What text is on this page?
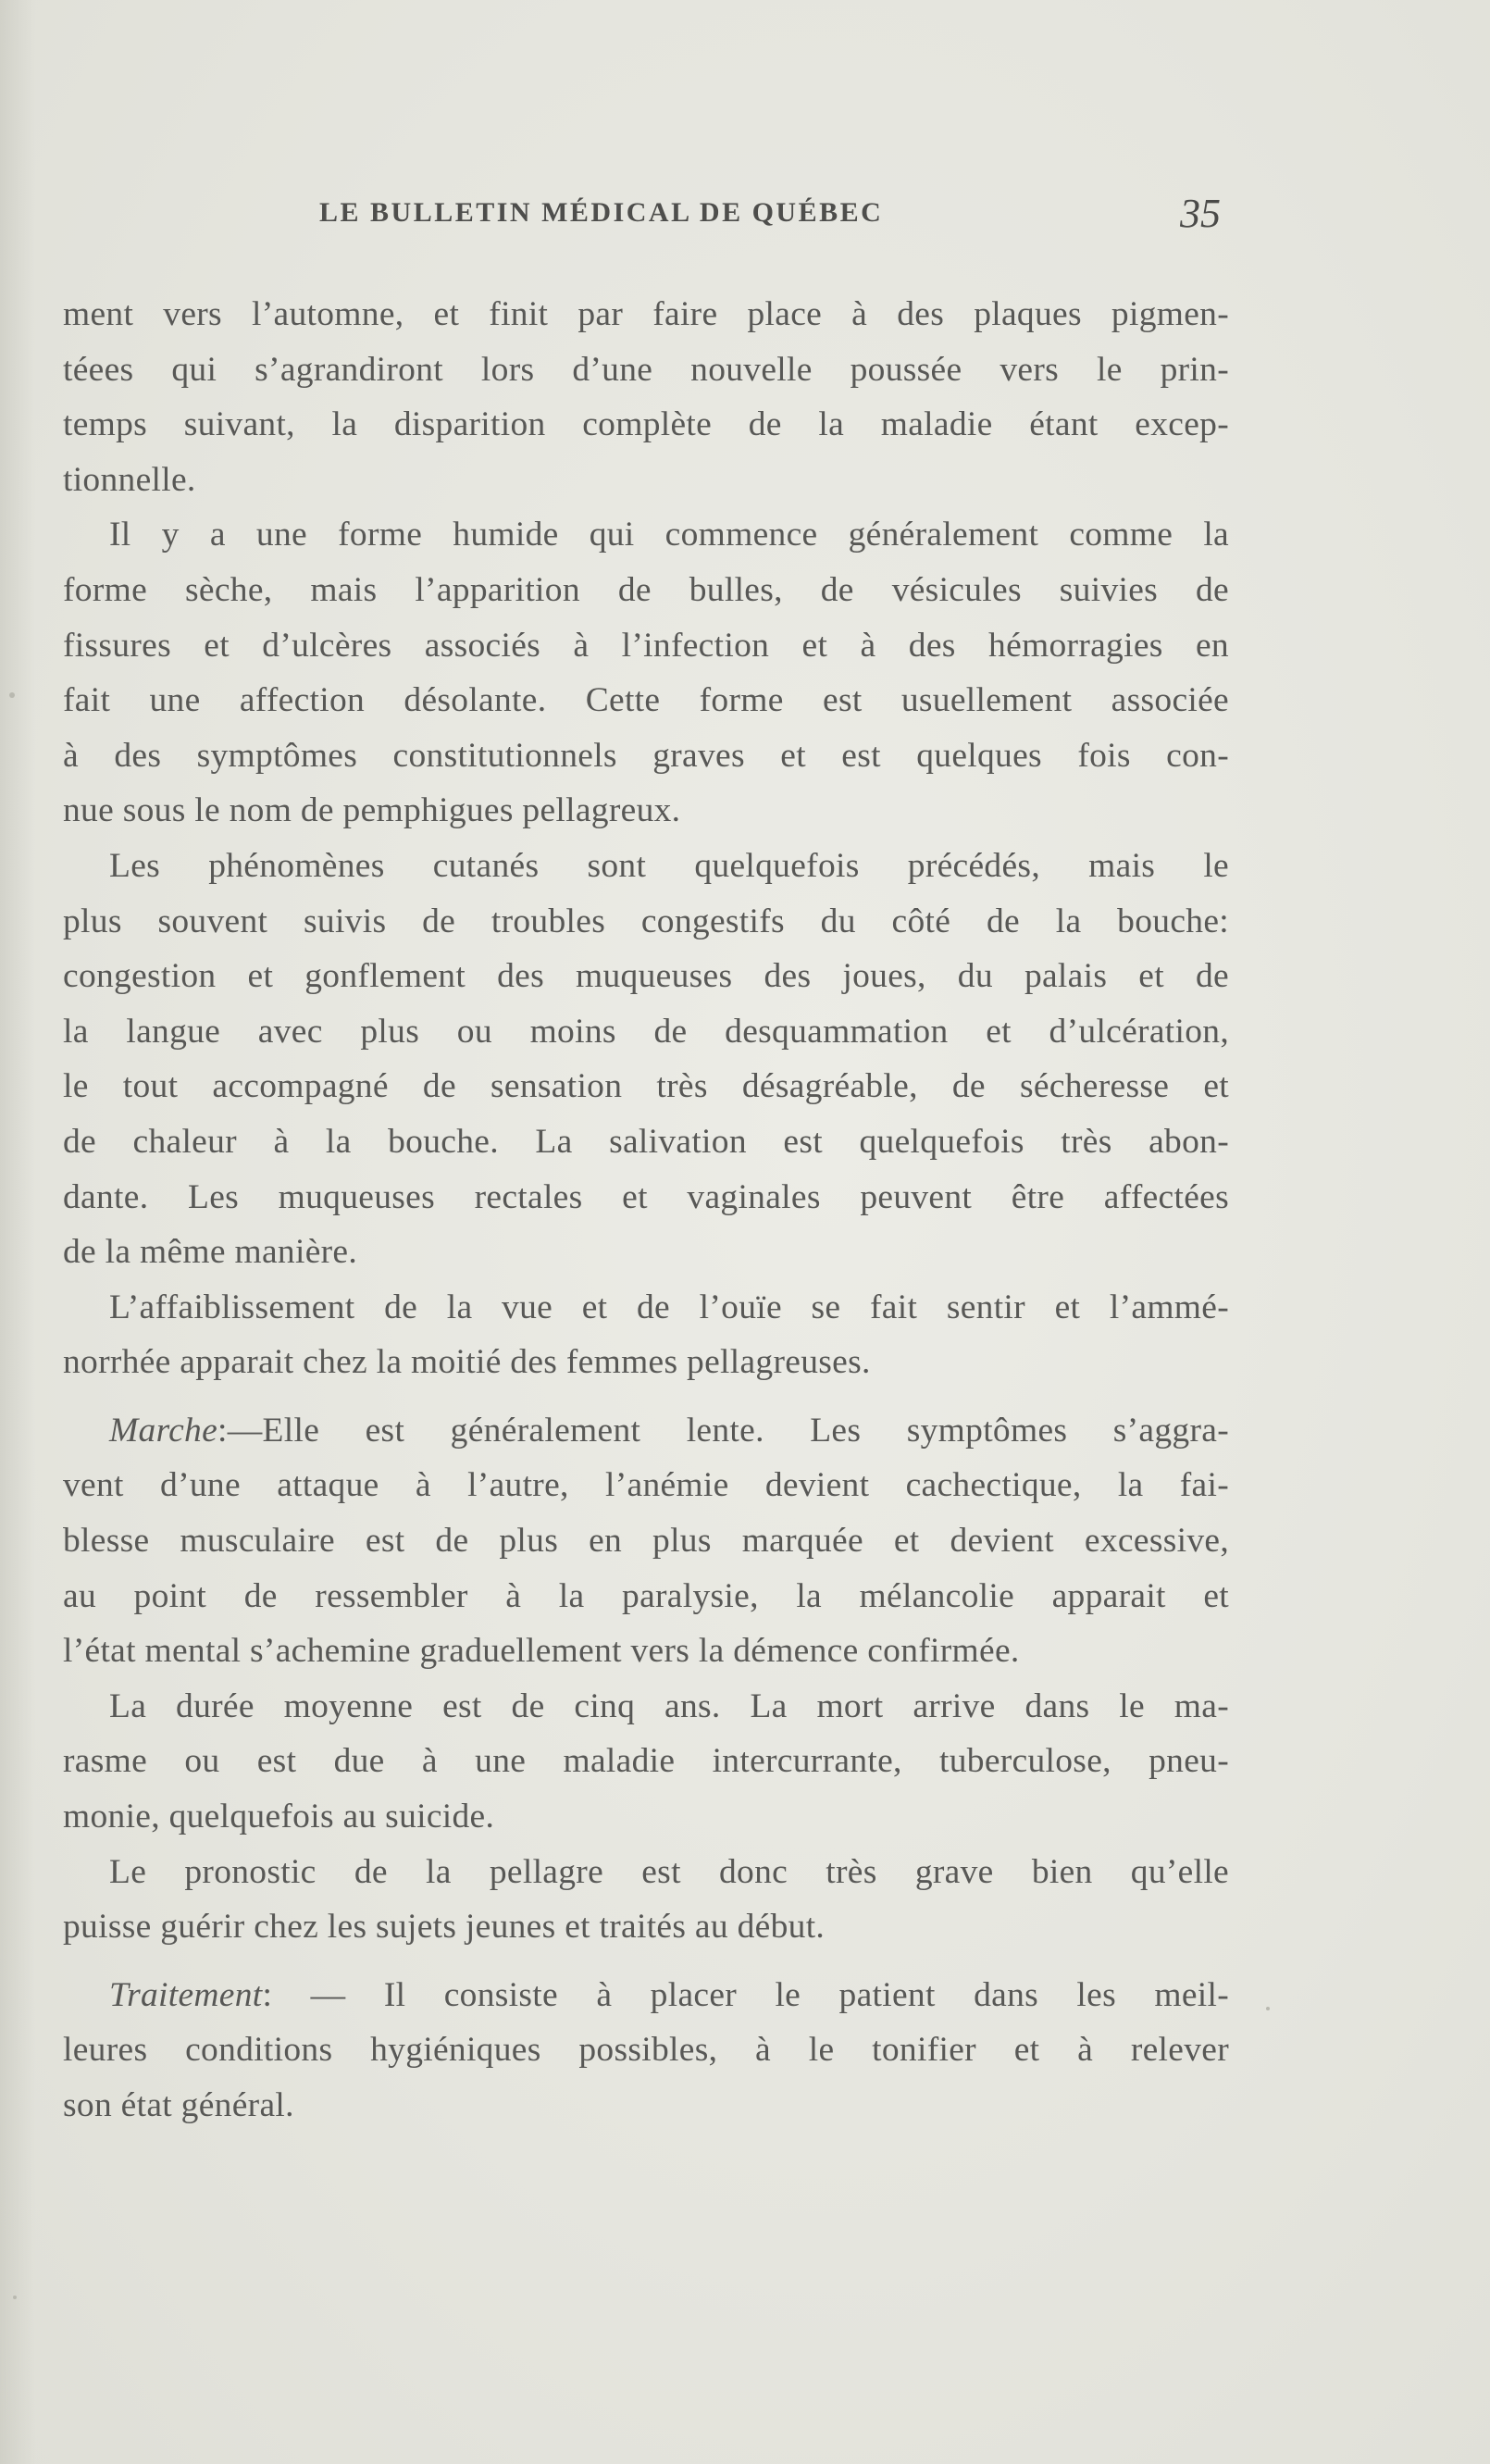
LE BULLETIN MÉDICAL DE QUÉBEC	35
ment vers l’automne, et finit par faire place à des plaques pigmen-
téees qui s’agrandiront lors d’une nouvelle poussée vers le prin-
temps suivant, la disparition complète de la maladie étant excep-
tionnelle.
Il y a une forme humide qui commence généralement comme la
forme sèche, mais l’apparition de bulles, de vésicules suivies de
fissures et d’ulcères associés à l’infection et à des hémorragies en
fait une affection désolante. Cette forme est usuellement associée
à des symptômes constitutionnels graves et est quelques fois con-
nue sous le nom de pemphigues pellagreux.
Les phénomènes cutanés sont quelquefois précédés, mais le
plus souvent suivis de troubles congestifs du côté de la bouche:
congestion et gonflement des muqueuses des joues, du palais et de
la langue avec plus ou moins de desquammation et d’ulcération,
le tout accompagné de sensation très désagréable, de sécheresse et
de chaleur à la bouche. La salivation est quelquefois très abon-
dante. Les muqueuses rectales et vaginales peuvent être affectées
de la même manière.
L’affaiblissement de la vue et de l’ouïe se fait sentir et l’ammé-
norrhée apparait chez la moitié des femmes pellagreuses.
Marche:—Elle est généralement lente. Les symptômes s’aggra-
vent d’une attaque à l’autre, l’anémie devient cachectique, la fai-
blesse musculaire est de plus en plus marquée et devient excessive,
au point de ressembler à la paralysie, la mélancolie apparait et
l’état mental s’achemine graduellement vers la démence confirmée.
La durée moyenne est de cinq ans. La mort arrive dans le ma-
rasme ou est due à une maladie intercurrante, tuberculose, pneu-
monie, quelquefois au suicide.
Le pronostic de la pellagre est donc très grave bien qu’elle
puisse guérir chez les sujets jeunes et traités au début.
Traitement: — Il consiste à placer le patient dans les meil-
leures conditions hygiéniques possibles, à le tonifier et à relever
son état général.
